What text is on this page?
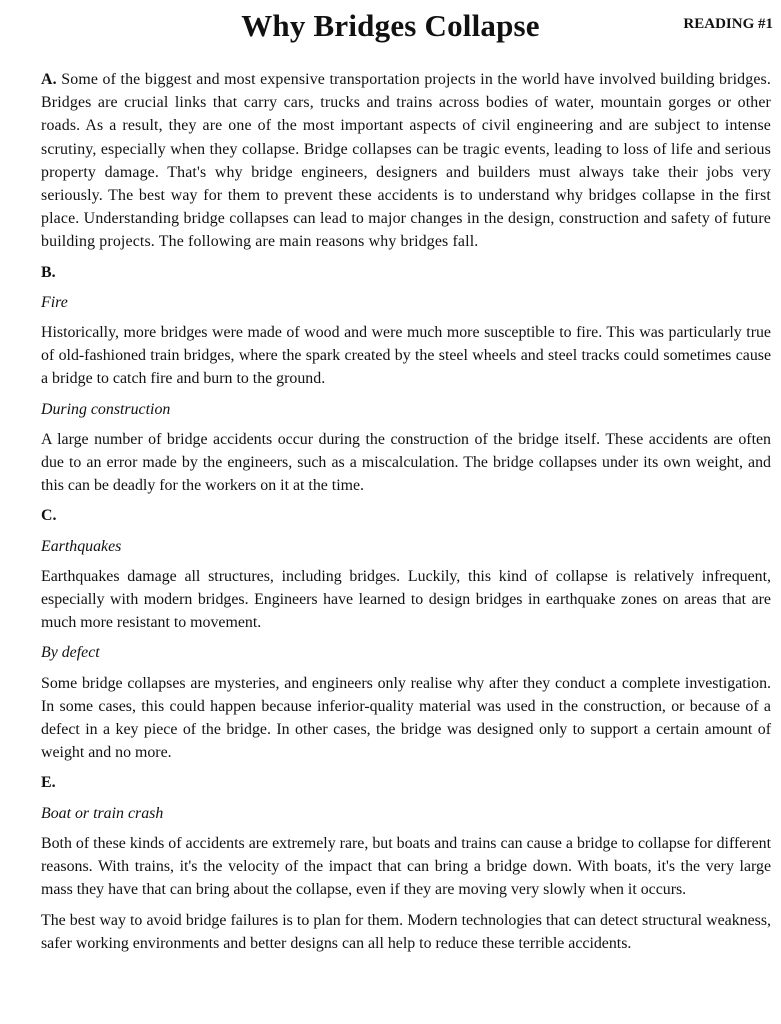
Why Bridges Collapse	READING #1

A. Some of the biggest and most expensive transportation projects in the world have involved building bridges. Bridges are crucial links that carry cars, trucks and trains across bodies of water, mountain gorges or other roads. As a result, they are one of the most important aspects of civil engineering and are subject to intense scrutiny, especially when they collapse. Bridge collapses can be tragic events, leading to loss of life and serious property damage. That's why bridge engineers, designers and builders must always take their jobs very seriously. The best way for them to prevent these accidents is to understand why bridges collapse in the first place. Understanding bridge collapses can lead to major changes in the design, construction and safety of future building projects. The following are main reasons why bridges fall.

B.
Fire

Historically, more bridges were made of wood and were much more susceptible to fire. This was particularly true of old-fashioned train bridges, where the spark created by the steel wheels and steel tracks could sometimes cause a bridge to catch fire and burn to the ground.

During construction

A large number of bridge accidents occur during the construction of the bridge itself. These accidents are often due to an error made by the engineers, such as a miscalculation. The bridge collapses under its own weight, and this can be deadly for the workers on it at the time.

C.
Earthquakes

Earthquakes damage all structures, including bridges. Luckily, this kind of collapse is relatively infrequent, especially with modern bridges. Engineers have learned to design bridges in earthquake zones on areas that are much more resistant to movement.

By defect

Some bridge collapses are mysteries, and engineers only realise why after they conduct a complete investigation. In some cases, this could happen because inferior-quality material was used in the construction, or because of a defect in a key piece of the bridge. In other cases, the bridge was designed only to support a certain amount of weight and no more.

E.
Boat or train crash

Both of these kinds of accidents are extremely rare, but boats and trains can cause a bridge to collapse for different reasons. With trains, it's the velocity of the impact that can bring a bridge down. With boats, it's the very large mass they have that can bring about the collapse, even if they are moving very slowly when it occurs.

The best way to avoid bridge failures is to plan for them. Modern technologies that can detect structural weakness, safer working environments and better designs can all help to reduce these terrible accidents.
